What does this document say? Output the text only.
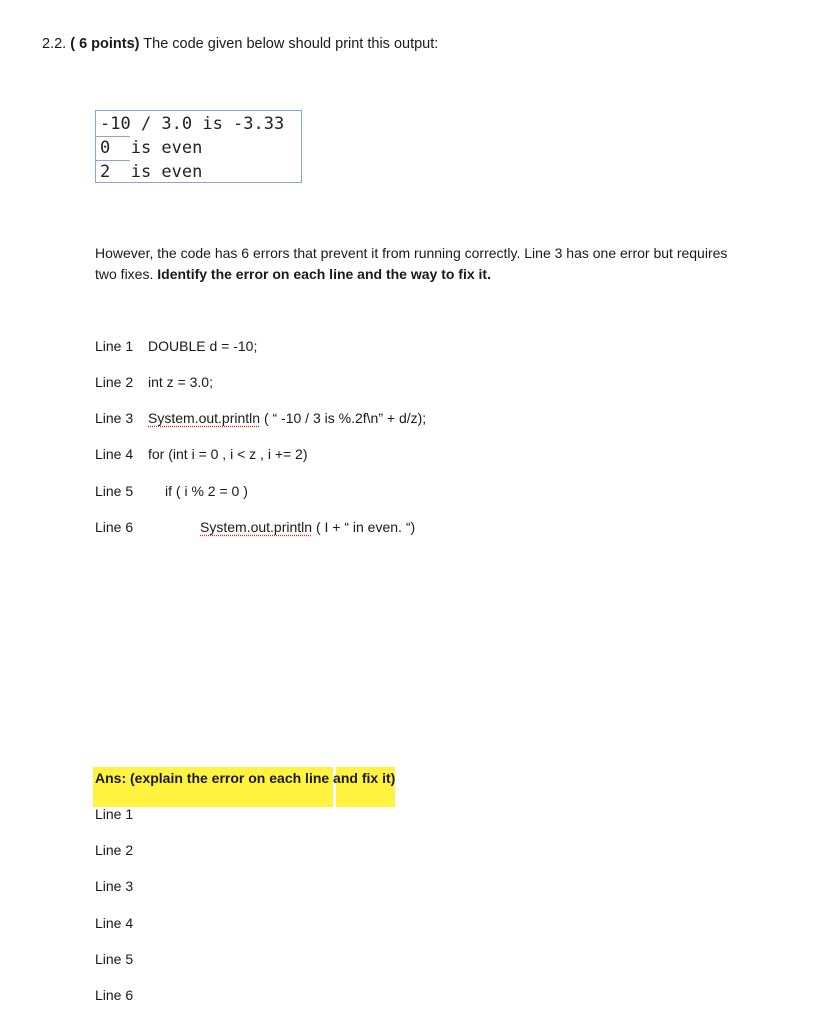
2.2. ( 6 points) The code given below should print this output:
-10 / 3.0 is -3.33
0  is even
2  is even
However, the code has 6 errors that prevent it from running correctly. Line 3 has one error but requires two fixes. Identify the error on each line and the way to fix it.
Line 1 DOUBLE d = -10;
Line 2 int z = 3.0;
Line 3 System.out.println ( “ -10 / 3 is %.2f\n” + d/z);
Line 4 for (int i = 0 , i < z , i += 2)
Line 5 if ( i % 2 = 0 )
Line 6	System.out.println ( I + “ in even. “)
Ans: (explain the error on each line and fix it)
Line 1
Line 2
Line 3
Line 4
Line 5
Line 6
